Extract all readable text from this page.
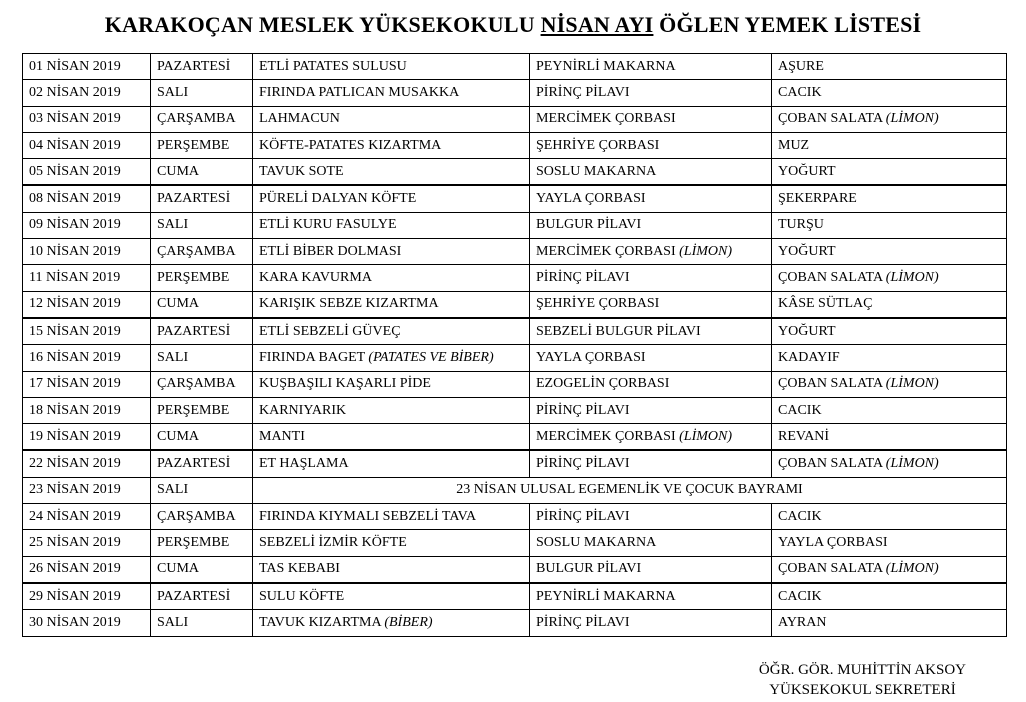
KARAKOÇAN MESLEK YÜKSEKOKULU NİSAN AYI ÖĞLEN YEMEK LİSTESİ
01 NİSAN 2019	PAZARTESİ	ETLİ PATATES SULUSU	PEYNİRLİ MAKARNA	AŞURE
02 NİSAN 2019	SALI	FIRINDA PATLICAN MUSAKKA	PİRİNÇ PİLAVI	CACIK
03 NİSAN 2019	ÇARŞAMBA	LAHMACUN	MERCİMEK ÇORBASI	ÇOBAN SALATA (LİMON)
04 NİSAN 2019	PERŞEMBE	KÖFTE-PATATES KIZARTMA	ŞEHRİYE ÇORBASI	MUZ
05 NİSAN 2019	CUMA	TAVUK SOTE	SOSLU MAKARNA	YOĞURT
08 NİSAN 2019	PAZARTESİ	PÜRELİ DALYAN KÖFTE	YAYLA ÇORBASI	ŞEKERPARE
09 NİSAN 2019	SALI	ETLİ KURU FASULYE	BULGUR PİLAVI	TURŞU
10 NİSAN 2019	ÇARŞAMBA	ETLİ BİBER DOLMASI	MERCİMEK ÇORBASI (LİMON)	YOĞURT
11 NİSAN 2019	PERŞEMBE	KARA KAVURMA	PİRİNÇ PİLAVI	ÇOBAN SALATA (LİMON)
12 NİSAN 2019	CUMA	KARIŞIK SEBZE KIZARTMA	ŞEHRİYE ÇORBASI	KÂSE SÜTLAÇ
15 NİSAN 2019	PAZARTESİ	ETLİ SEBZELİ GÜVEÇ	SEBZELİ BULGUR PİLAVI	YOĞURT
16 NİSAN 2019	SALI	FIRINDA BAGET (PATATES VE BİBER)	YAYLA ÇORBASI	KADAYIF
17 NİSAN 2019	ÇARŞAMBA	KUŞBAŞILI KAŞARLI PİDE	EZOGELİN ÇORBASI	ÇOBAN SALATA (LİMON)
18 NİSAN 2019	PERŞEMBE	KARNIYARIK	PİRİNÇ PİLAVI	CACIK
19 NİSAN 2019	CUMA	MANTI	MERCİMEK ÇORBASI (LİMON)	REVANİ
22 NİSAN 2019	PAZARTESİ	ET HAŞLAMA	PİRİNÇ PİLAVI	ÇOBAN SALATA (LİMON)
23 NİSAN 2019	SALI	23 NİSAN ULUSAL EGEMENLİK VE ÇOCUK BAYRAMI		
24 NİSAN 2019	ÇARŞAMBA	FIRINDA KIYMALI SEBZELİ TAVA	PİRİNÇ PİLAVI	CACIK
25 NİSAN 2019	PERŞEMBE	SEBZELİ İZMİR KÖFTE	SOSLU MAKARNA	YAYLA ÇORBASI
26 NİSAN 2019	CUMA	TAS KEBABI	BULGUR PİLAVI	ÇOBAN SALATA (LİMON)
29 NİSAN 2019	PAZARTESİ	SULU KÖFTE	PEYNİRLİ MAKARNA	CACIK
30 NİSAN 2019	SALI	TAVUK KIZARTMA (BİBER)	PİRİNÇ PİLAVI	AYRAN
ÖĞR. GÖR. MUHİTTİN AKSOY
YÜKSEKOKUL SEKRETERİ
